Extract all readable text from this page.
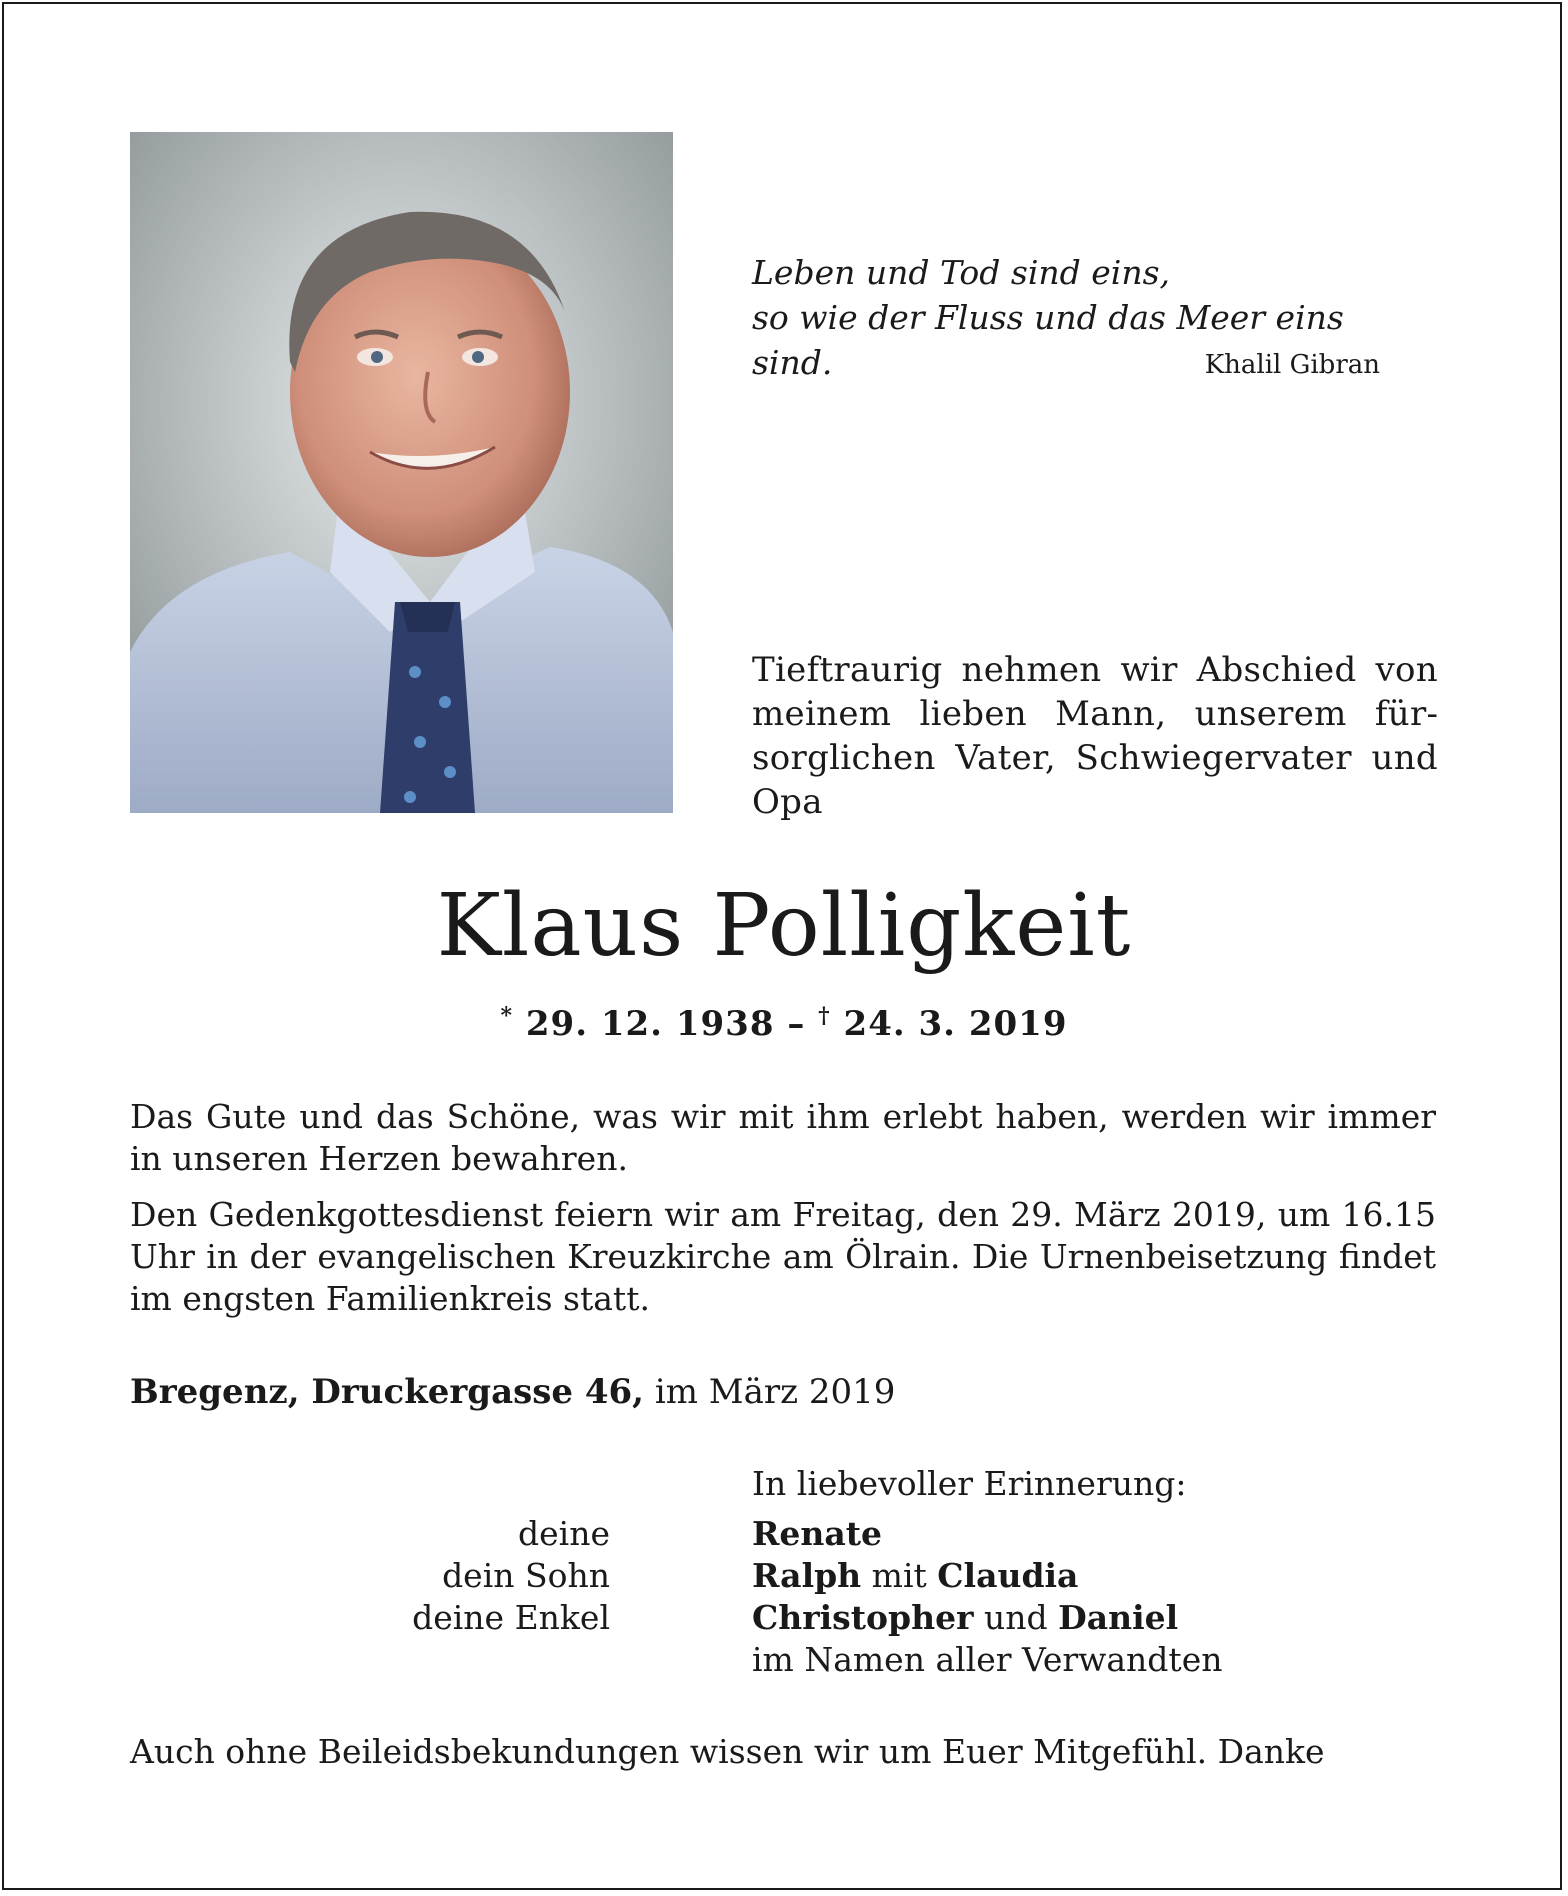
Leben und Tod sind eins,
so wie der Fluss und das Meer eins sind.	Khalil Gibran
Tieftraurig nehmen wir Abschied von meinem lieben Mann, unserem fürsorglichen Vater, Schwiegervater und Opa
Klaus Polligkeit
* 29. 12. 1938 – † 24. 3. 2019
Das Gute und das Schöne, was wir mit ihm erlebt haben, werden wir immer in unseren Herzen bewahren.
Den Gedenkgottesdienst feiern wir am Freitag, den 29. März 2019, um 16.15 Uhr in der evangelischen Kreuzkirche am Ölrain. Die Urnenbeisetzung findet im engsten Familienkreis statt.
Bregenz, Druckergasse 46, im März 2019
In liebevoller Erinnerung:
deine	Renate
dein Sohn	Ralph mit Claudia
deine Enkel	Christopher und Daniel
im Namen aller Verwandten
Auch ohne Beileidsbekundungen wissen wir um Euer Mitgefühl. Danke
